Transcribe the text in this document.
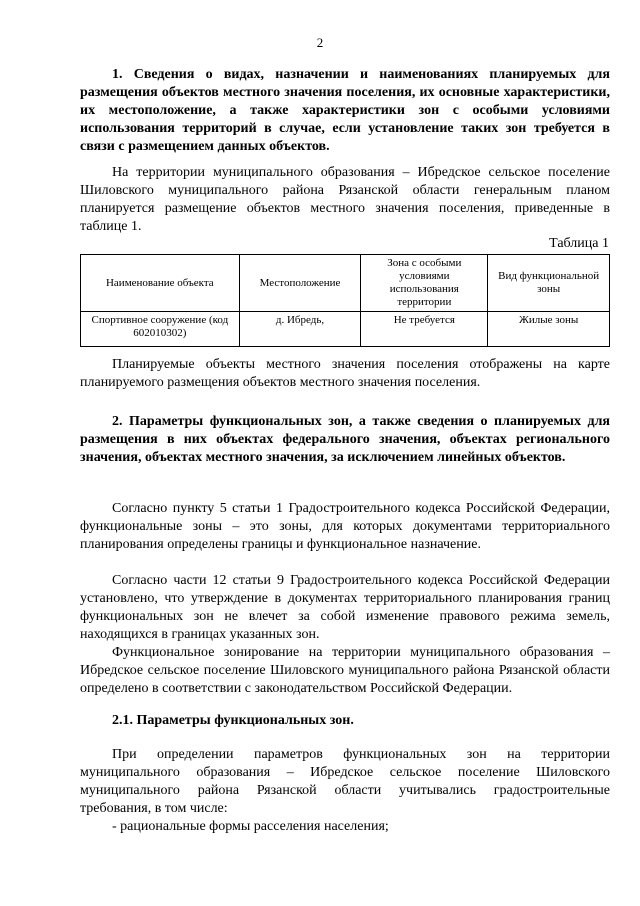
2

1. Сведения о видах, назначении и наименованиях планируемых для размещения объектов местного значения поселения, их основные характеристики, их местоположение, а также характеристики зон с особыми условиями использования территорий в случае, если установление таких зон требуется в связи с размещением данных объектов.

На территории муниципального образования – Ибредское сельское поселение Шиловского муниципального района Рязанской области генеральным планом планируется размещение объектов местного значения поселения, приведенные в таблице 1.

Таблица 1
Наименование объекта	Местоположение	Зона с особыми условиями использования территории	Вид функциональной зоны
Спортивное сооружение (код 602010302)	д. Ибредь,	Не требуется	Жилые зоны

Планируемые объекты местного значения поселения отображены на карте планируемого размещения объектов местного значения поселения.

2. Параметры функциональных зон, а также сведения о планируемых для размещения в них объектах федерального значения, объектах регионального значения, объектах местного значения, за исключением линейных объектов.

Согласно пункту 5 статьи 1 Градостроительного кодекса Российской Федерации, функциональные зоны – это зоны, для которых документами территориального планирования определены границы и функциональное назначение.

Согласно части 12 статьи 9 Градостроительного кодекса Российской Федерации установлено, что утверждение в документах территориального планирования границ функциональных зон не влечет за собой изменение правового режима земель, находящихся в границах указанных зон.

Функциональное зонирование на территории муниципального образования – Ибредское сельское поселение Шиловского муниципального района Рязанской области определено в соответствии с законодательством Российской Федерации.

2.1. Параметры функциональных зон.

При определении параметров функциональных зон на территории муниципального образования – Ибредское сельское поселение Шиловского муниципального района Рязанской области учитывались градостроительные требования, в том числе:

- рациональные формы расселения населения;
